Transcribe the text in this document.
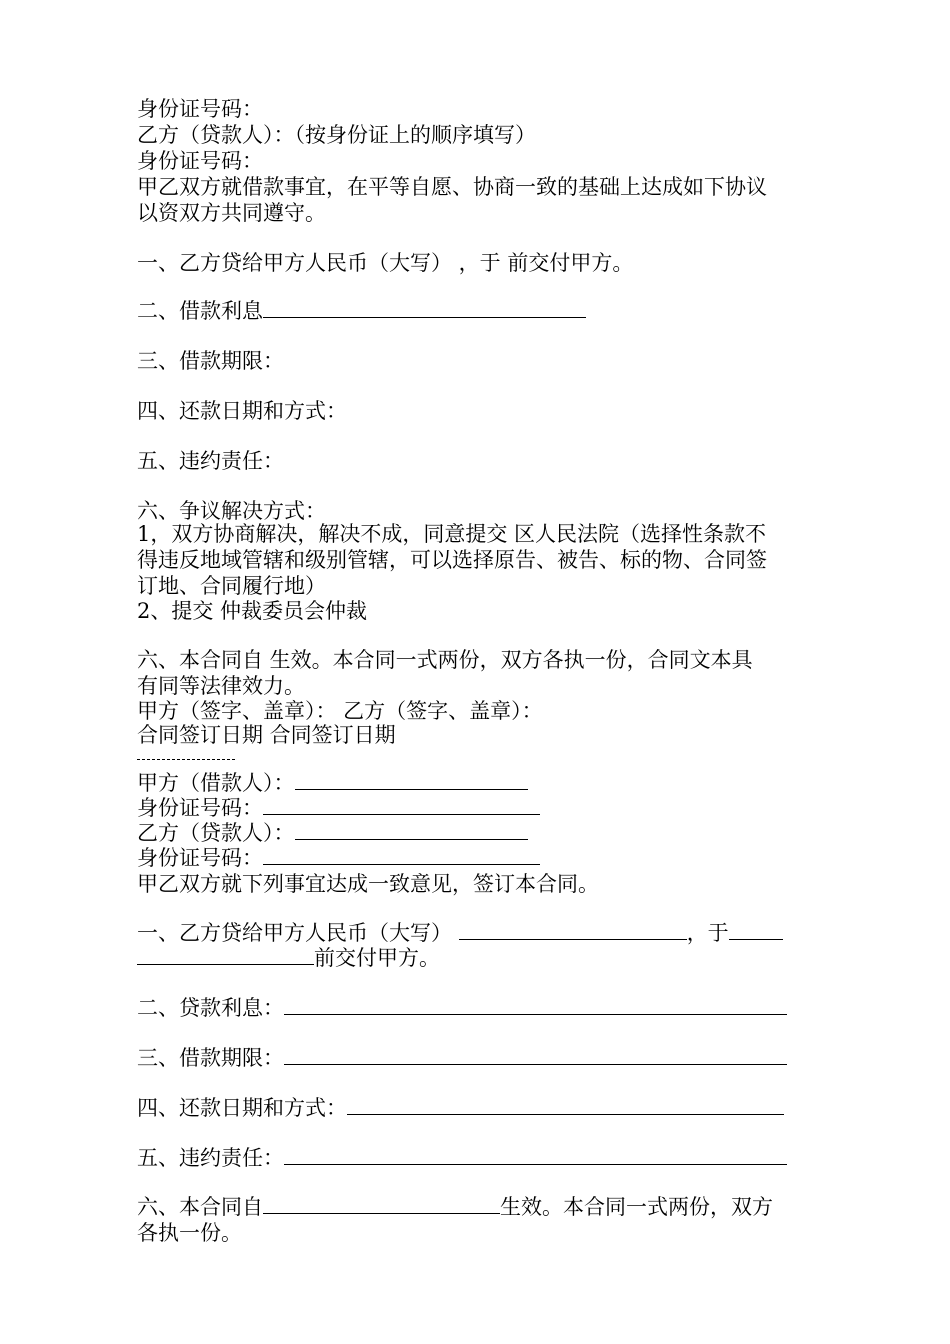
身份证号码：

乙方（贷款人）：（按身份证上的顺序填写）

身份证号码：

甲乙双方就借款事宜，在平等自愿、协商一致的基础上达成如下协议

以资双方共同遵守。

一、乙方贷给甲方人民币（大写） ，于 前交付甲方。

二、借款利息

三、借款期限：

四、还款日期和方式：

五、违约责任：

六、争议解决方式：

1，双方协商解决，解决不成，同意提交 区人民法院（选择性条款不

得违反地域管辖和级别管辖，可以选择原告、被告、标的物、合同签

订地、合同履行地）

2、提交 仲裁委员会仲裁

六、本合同自 生效。本合同一式两份，双方各执一份，合同文本具

有同等法律效力。

甲方（签字、盖章）： 乙方（签字、盖章）：

合同签订日期 合同签订日期

甲方（借款人）：

身份证号码：

乙方（贷款人）：

身份证号码：

甲乙双方就下列事宜达成一致意见，签订本合同。

一、乙方贷给甲方人民币（大写）	，于

前交付甲方。

二、贷款利息：

三、借款期限：

四、还款日期和方式：

五、违约责任：

六、本合同自	生效。本合同一式两份，双方

各执一份。
